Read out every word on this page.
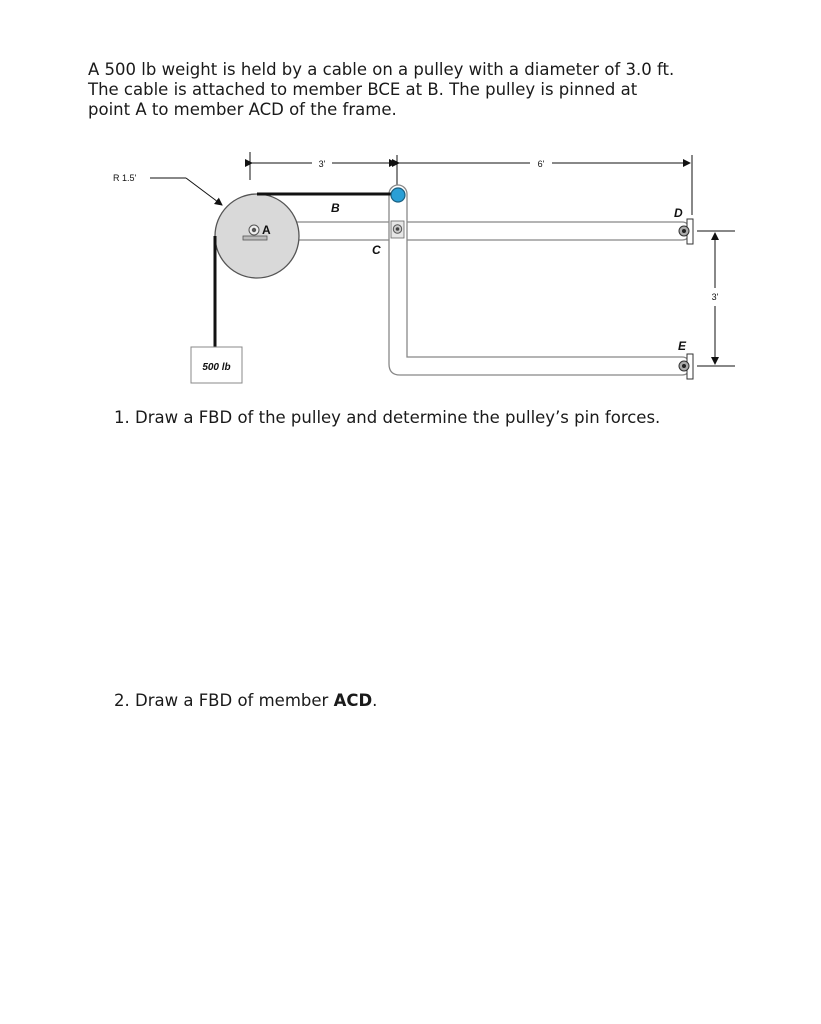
A 500 lb weight is held by a cable on a pulley with a diameter of 3.0 ft.
The cable is attached to member BCE at B. The pulley is pinned at
point A to member ACD of the frame.
3'	6'
R 1.5'
3'
A
B
C
D
E
500 lb
1. Draw a FBD of the pulley and determine the pulley’s pin forces.
2. Draw a FBD of member ACD.
